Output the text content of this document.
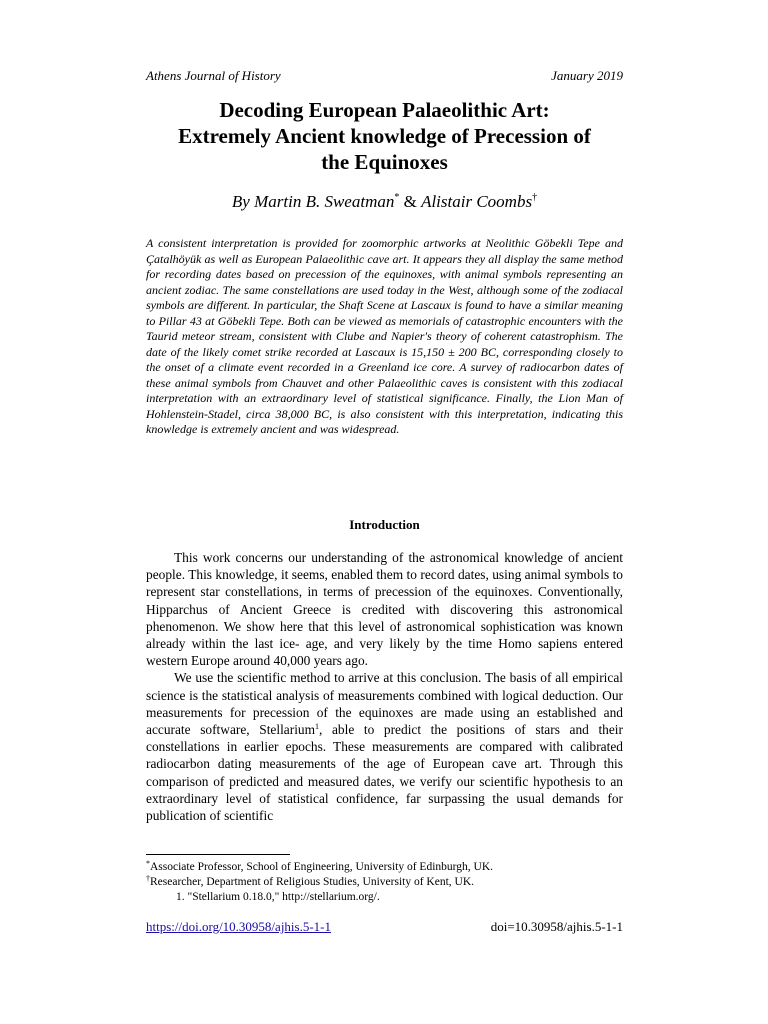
Athens Journal of History	January 2019
Decoding European Palaeolithic Art:
Extremely Ancient knowledge of Precession of
the Equinoxes
By Martin B. Sweatman* & Alistair Coombs†
A consistent interpretation is provided for zoomorphic artworks at Neolithic Göbekli Tepe and Çatalhöyük as well as European Palaeolithic cave art. It appears they all display the same method for recording dates based on precession of the equinoxes, with animal symbols representing an ancient zodiac. The same constellations are used today in the West, although some of the zodiacal symbols are different. In particular, the Shaft Scene at Lascaux is found to have a similar meaning to Pillar 43 at Göbekli Tepe. Both can be viewed as memorials of catastrophic encounters with the Taurid meteor stream, consistent with Clube and Napier's theory of coherent catastrophism. The date of the likely comet strike recorded at Lascaux is 15,150 ± 200 BC, corresponding closely to the onset of a climate event recorded in a Greenland ice core. A survey of radiocarbon dates of these animal symbols from Chauvet and other Palaeolithic caves is consistent with this zodiacal interpretation with an extraordinary level of statistical significance. Finally, the Lion Man of Hohlenstein-Stadel, circa 38,000 BC, is also consistent with this interpretation, indicating this knowledge is extremely ancient and was widespread.
Introduction

This work concerns our understanding of the astronomical knowledge of ancient people. This knowledge, it seems, enabled them to record dates, using animal symbols to represent star constellations, in terms of precession of the equinoxes. Conventionally, Hipparchus of Ancient Greece is credited with discovering this astronomical phenomenon. We show here that this level of astronomical sophistication was known already within the last ice- age, and very likely by the time Homo sapiens entered western Europe around 40,000 years ago.

We use the scientific method to arrive at this conclusion. The basis of all empirical science is the statistical analysis of measurements combined with logical deduction. Our measurements for precession of the equinoxes are made using an established and accurate software, Stellarium$^1$, able to predict the positions of stars and their constellations in earlier epochs. These measurements are compared with calibrated radiocarbon dating measurements of the age of European cave art. Through this comparison of predicted and measured dates, we verify our scientific hypothesis to an extraordinary level of statistical confidence, far surpassing the usual demands for publication of scientific

*Associate Professor, School of Engineering, University of Edinburgh, UK.
†Researcher, Department of Religious Studies, University of Kent, UK.
1. "Stellarium 0.18.0," http://stellarium.org/.
https://doi.org/10.30958/ajhis.5-1-1	doi=10.30958/ajhis.5-1-1
